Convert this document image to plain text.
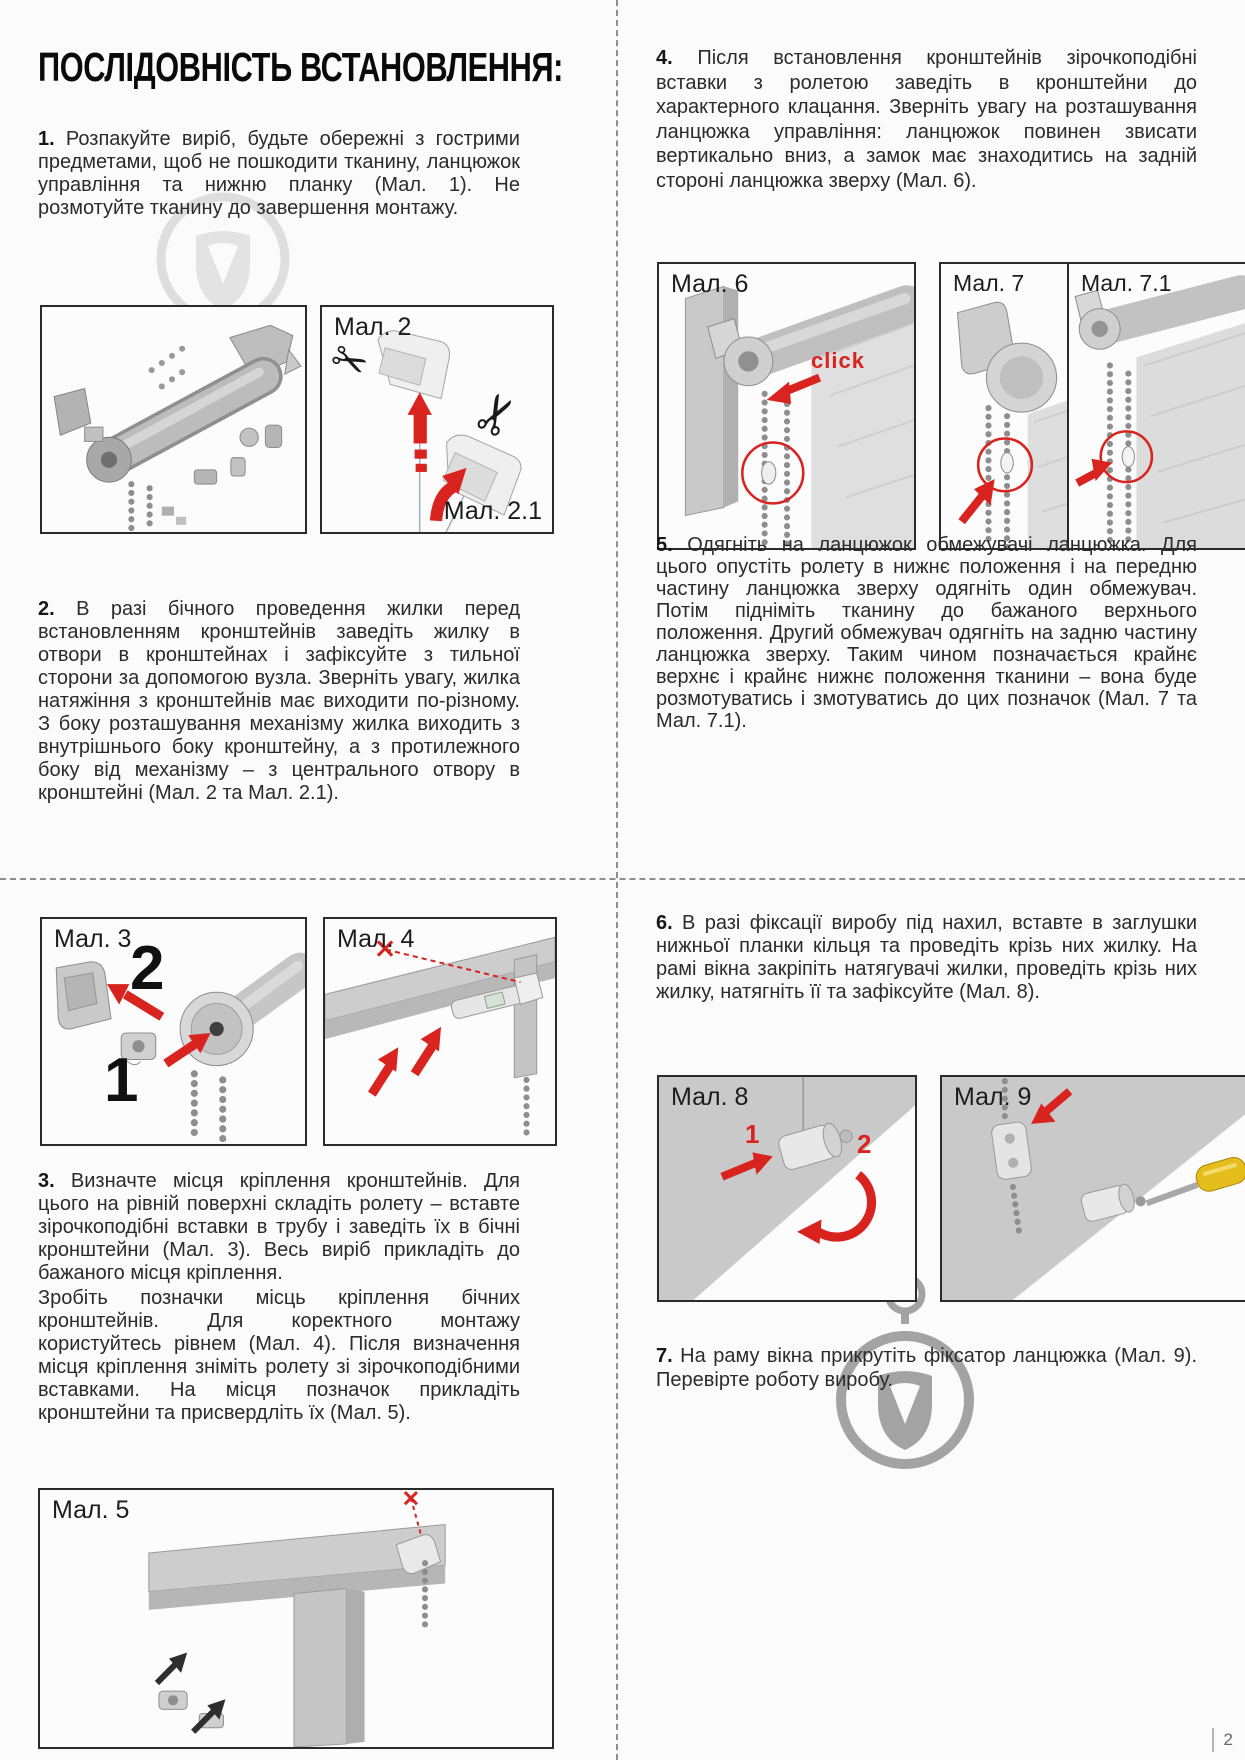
ПОСЛІДОВНІСТЬ ВСТАНОВЛЕННЯ:

1. Розпакуйте виріб, будьте обережні з гострими предметами, щоб не пошкодити тканину, ланцюжок управління та нижню планку (Мал. 1). Не розмотуйте тканину до завершення монтажу.

Мал. 2
✂
✂
Мал. 2.1

2. В разі бічного проведення жилки перед встановленням кронштейнів заведіть жилку в отвори в кронштейнах і зафіксуйте з тильної сторони за допомогою вузла. Зверніть увагу, жилка натяжіння з кронштейнів має виходити по-різному. З боку розташування механізму жилка виходить з внутрішнього боку кронштейну, а з протилежного боку від механізму – з центрального отвору в кронштейні (Мал. 2 та Мал. 2.1).

Мал. 3
2
1
Мал. 4

3. Визначте місця кріплення кронштейнів. Для цього на рівній поверхні складіть ролету – вставте зірочкоподібні вставки в трубу і заведіть їх в бічні кронштейни (Мал. 3). Весь виріб прикладіть до бажаного місця кріплення.

Зробіть позначки місць кріплення бічних кронштейнів. Для коректного монтажу користуйтесь рівнем (Мал. 4). Після визначення місця кріплення зніміть ролету зі зірочкоподібними вставками. На місця позначок прикладіть кронштейни та присвердліть їх (Мал. 5).

Мал. 5

4. Після встановлення кронштейнів зірочкоподібні вставки з ролетою заведіть в кронштейни до характерного клацання. Зверніть увагу на розташування ланцюжка управління: ланцюжок повинен звисати вертикально вниз, а замок має знаходитись на задній стороні ланцюжка зверху (Мал. 6).

Мал. 6
click
Мал. 7 Мал. 7.1

5. Одягніть на ланцюжок обмежувачі ланцюжка. Для цього опустіть ролету в нижнє положення і на передню частину ланцюжка зверху одягніть один обмежувач. Потім підніміть тканину до бажаного верхнього положення. Другий обмежувач одягніть на задню частину ланцюжка зверху. Таким чином позначається крайнє верхнє і крайнє нижнє положення тканини – вона буде розмотуватись і змотуватись до цих позначок (Мал. 7 та Мал. 7.1).

6. В разі фіксації виробу під нахил, вставте в заглушки нижньої планки кільця та проведіть крізь них жилку. На рамі вікна закріпіть натягувачі жилки, проведіть крізь них жилку, натягніть її та зафіксуйте (Мал. 8).

Мал. 8
1	2
Мал. 9

7. На раму вікна прикрутіть фіксатор ланцюжка (Мал. 9). Перевірте роботу виробу.

2
